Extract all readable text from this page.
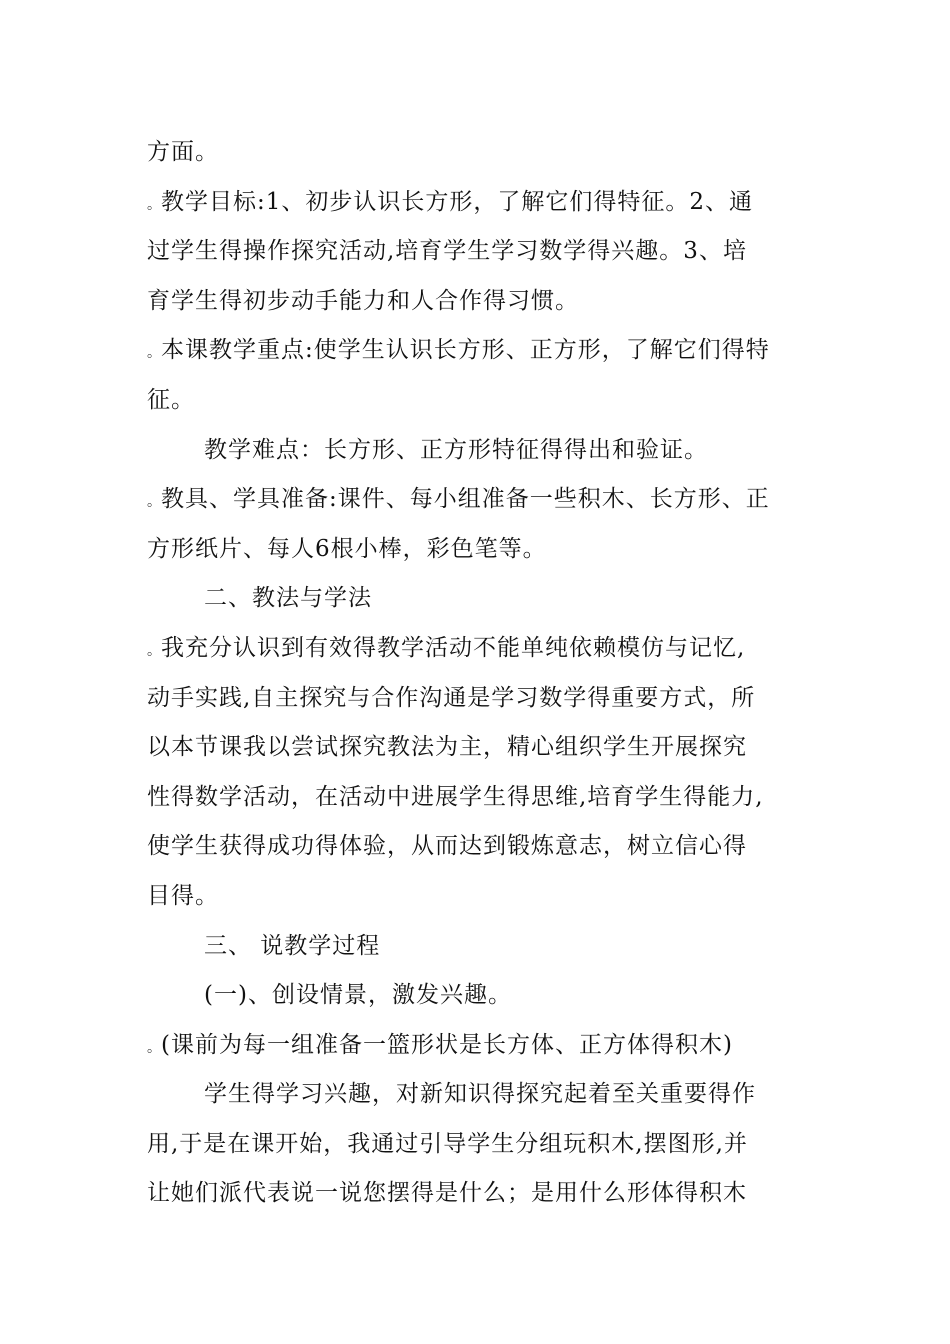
方面。
。教学目标:1、初步认识长方形，了解它们得特征。2、通
过学生得操作探究活动,培育学生学习数学得兴趣。3、培
育学生得初步动手能力和人合作得习惯。
。本课教学重点:使学生认识长方形、正方形，了解它们得特
征。
教学难点：长方形、正方形特征得得出和验证。
。教具、学具准备:课件、每小组准备一些积木、长方形、正
方形纸片、每人6根小棒，彩色笔等。
二、教法与学法
。我充分认识到有效得教学活动不能单纯依赖模仿与记忆,
动手实践,自主探究与合作沟通是学习数学得重要方式，所
以本节课我以尝试探究教法为主，精心组织学生开展探究
性得数学活动，在活动中进展学生得思维,培育学生得能力,
使学生获得成功得体验，从而达到锻炼意志，树立信心得
目得。
三、 说教学过程
(一)、创设情景，激发兴趣。
。(课前为每一组准备一篮形状是长方体、正方体得积木)
学生得学习兴趣，对新知识得探究起着至关重要得作
用,于是在课开始，我通过引导学生分组玩积木,摆图形,并
让她们派代表说一说您摆得是什么；是用什么形体得积木
